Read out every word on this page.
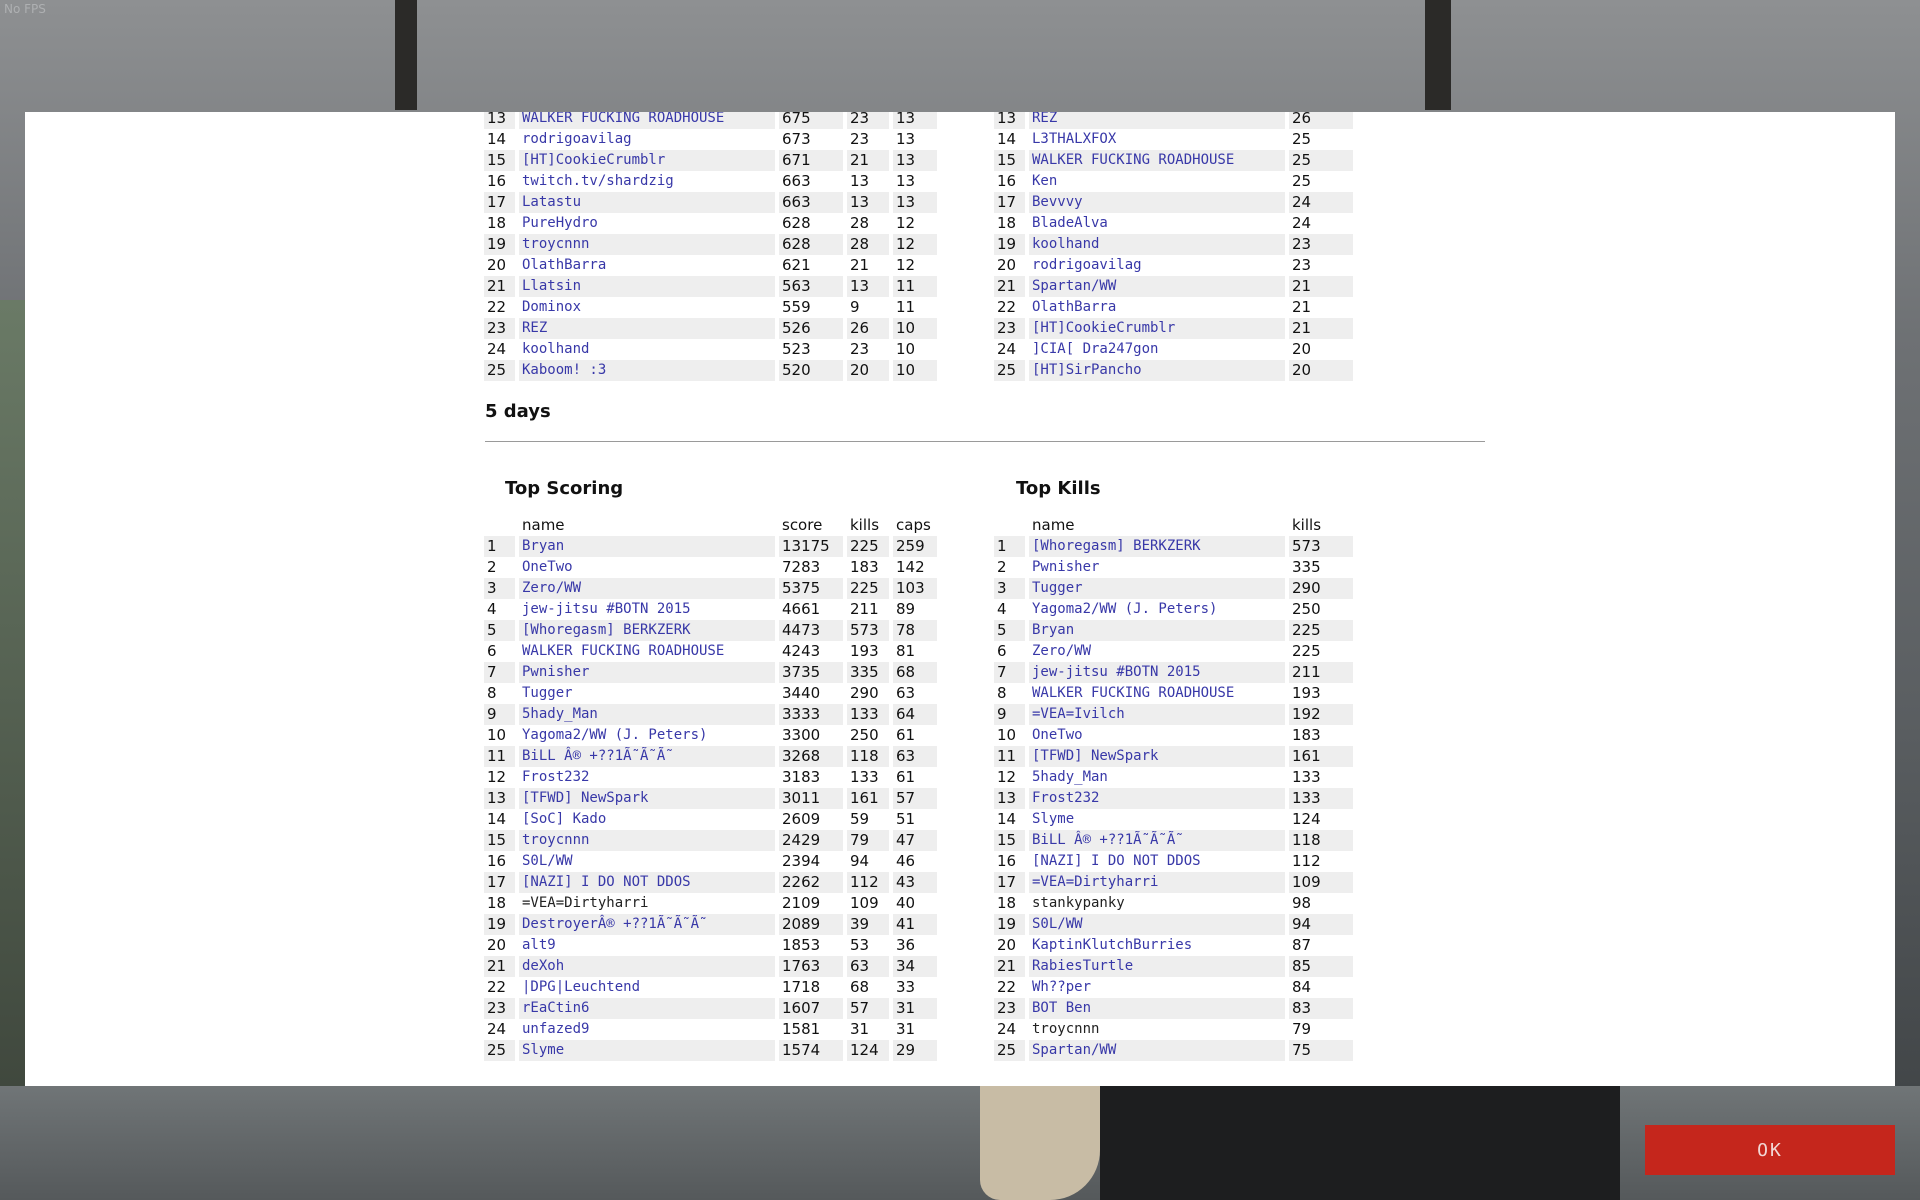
No FPS
13	WALKER FUCKING ROADHOUSE	675	23	13
14	rodrigoavilag	673	23	13
15	[HT]CookieCrumblr	671	21	13
16	twitch.tv/shardzig	663	13	13
17	Latastu	663	13	13
18	PureHydro	628	28	12
19	troycnnn	628	28	12
20	OlathBarra	621	21	12
21	Llatsin	563	13	11
22	Dominox	559	9	11
23	REZ	526	26	10
24	koolhand	523	23	10
25	Kaboom! :3	520	20	10
13	REZ	26
14	L3THALXFOX	25
15	WALKER FUCKING ROADHOUSE	25
16	Ken	25
17	Bevvvy	24
18	BladeAlva	24
19	koolhand	23
20	rodrigoavilag	23
21	Spartan/WW	21
22	OlathBarra	21
23	[HT]CookieCrumblr	21
24	]CIA[ Dra247gon	20
25	[HT]SirPancho	20
5 days
Top Scoring	Top Kills
	name	score	kills	caps
1	Bryan	13175	225	259
2	OneTwo	7283	183	142
3	Zero/WW	5375	225	103
4	jew-jitsu #BOTN 2015	4661	211	89
5	[Whoregasm] BERKZERK	4473	573	78
6	WALKER FUCKING ROADHOUSE	4243	193	81
7	Pwnisher	3735	335	68
8	Tugger	3440	290	63
9	5hady_Man	3333	133	64
10	Yagoma2/WW (J. Peters)	3300	250	61
11	BiLL Â® +??1Ã˜Ã˜Ã˜	3268	118	63
12	Frost232	3183	133	61
13	[TFWD] NewSpark	3011	161	57
14	[SoC] Kado	2609	59	51
15	troycnnn	2429	79	47
16	S0L/WW	2394	94	46
17	[NAZI] I DO NOT DDOS	2262	112	43
18	=VEA=Dirtyharri	2109	109	40
19	DestroyerÂ® +??1Ã˜Ã˜Ã˜	2089	39	41
20	alt9	1853	53	36
21	deXoh	1763	63	34
22	|DPG|Leuchtend	1718	68	33
23	rEaCtin6	1607	57	31
24	unfazed9	1581	31	31
25	Slyme	1574	124	29
	name	kills
1	[Whoregasm] BERKZERK	573
2	Pwnisher	335
3	Tugger	290
4	Yagoma2/WW (J. Peters)	250
5	Bryan	225
6	Zero/WW	225
7	jew-jitsu #BOTN 2015	211
8	WALKER FUCKING ROADHOUSE	193
9	=VEA=Ivilch	192
10	OneTwo	183
11	[TFWD] NewSpark	161
12	5hady_Man	133
13	Frost232	133
14	Slyme	124
15	BiLL Â® +??1Ã˜Ã˜Ã˜	118
16	[NAZI] I DO NOT DDOS	112
17	=VEA=Dirtyharri	109
18	stankypanky	98
19	S0L/WW	94
20	KaptinKlutchBurries	87
21	RabiesTurtle	85
22	Wh??per	84
23	BOT Ben	83
24	troycnnn	79
25	Spartan/WW	75
OK
